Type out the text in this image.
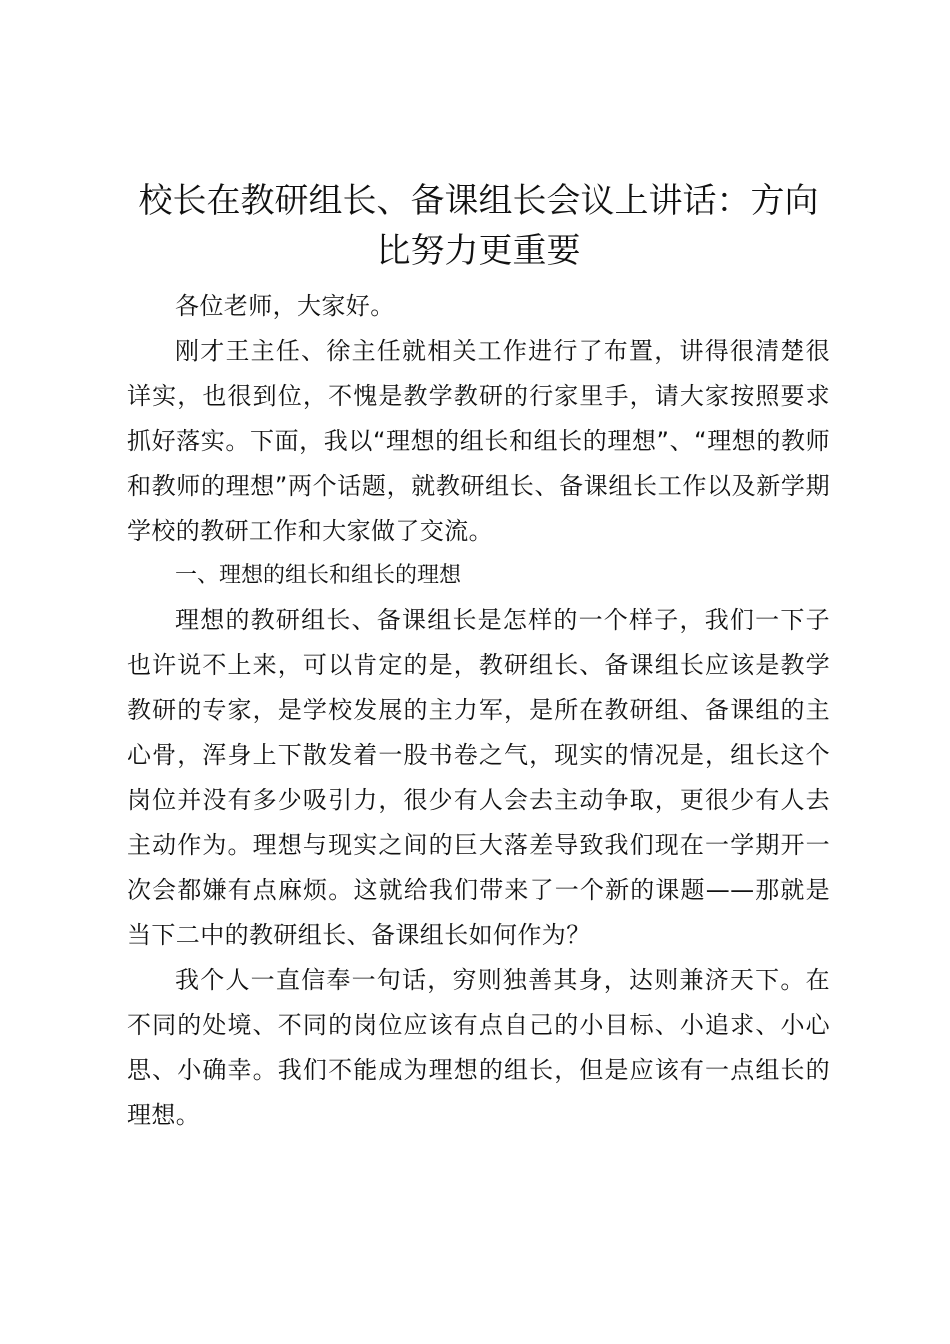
校长在教研组长、备课组长会议上讲话：方向比努力更重要

各位老师，大家好。

刚才王主任、徐主任就相关工作进行了布置，讲得很清楚很详实，也很到位，不愧是教学教研的行家里手，请大家按照要求抓好落实。下面，我以“理想的组长和组长的理想”、“理想的教师和教师的理想”两个话题，就教研组长、备课组长工作以及新学期学校的教研工作和大家做了交流。

一、理想的组长和组长的理想

理想的教研组长、备课组长是怎样的一个样子，我们一下子也许说不上来，可以肯定的是，教研组长、备课组长应该是教学教研的专家，是学校发展的主力军，是所在教研组、备课组的主心骨，浑身上下散发着一股书卷之气，现实的情况是，组长这个岗位并没有多少吸引力，很少有人会去主动争取，更很少有人去主动作为。理想与现实之间的巨大落差导致我们现在一学期开一次会都嫌有点麻烦。这就给我们带来了一个新的课题——那就是当下二中的教研组长、备课组长如何作为？

我个人一直信奉一句话，穷则独善其身，达则兼济天下。在不同的处境、不同的岗位应该有点自己的小目标、小追求、小心思、小确幸。我们不能成为理想的组长，但是应该有一点组长的理想。
